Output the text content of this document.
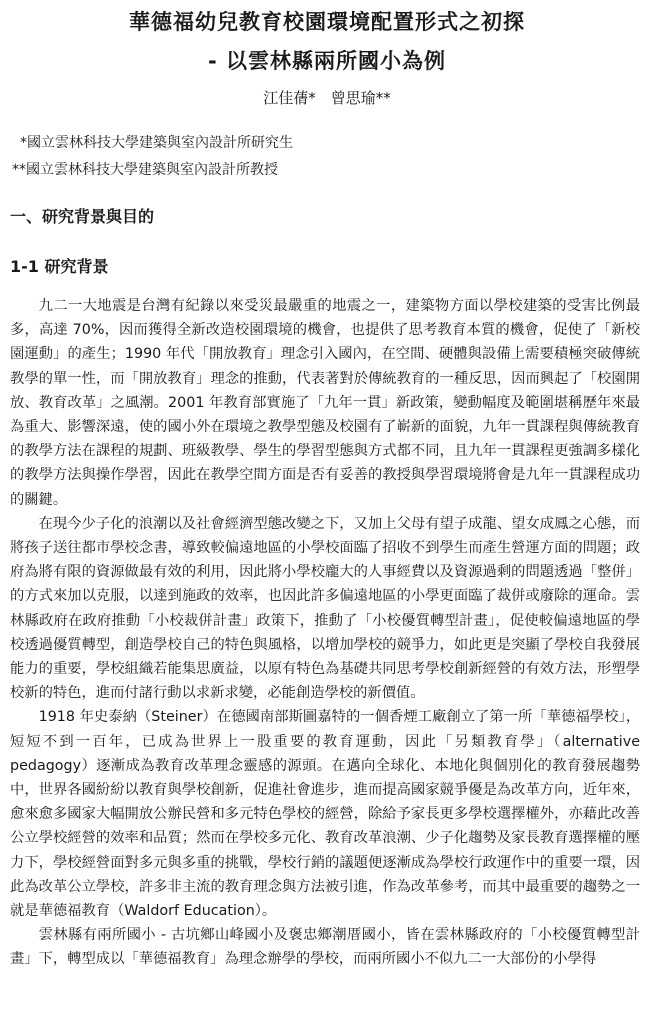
華德福幼兒教育校園環境配置形式之初探
- 以雲林縣兩所國小為例
江佳蒨*　曾思瑜**

*國立雲林科技大學建築與室內設計所研究生

**國立雲林科技大學建築與室內設計所教授

一、研究背景與目的
1-1 研究背景

九二一大地震是台灣有紀錄以來受災最嚴重的地震之一，建築物方面以學校建築的受害比例最多，高達 70%，因而獲得全新改造校園環境的機會，也提供了思考教育本質的機會，促使了「新校園運動」的產生；1990 年代「開放教育」理念引入國內，在空間、硬體與設備上需要積極突破傳統教學的單一性，而「開放教育」理念的推動，代表著對於傳統教育的一種反思，因而興起了「校園開放、教育改革」之風潮。2001 年教育部實施了「九年一貫」新政策，變動幅度及範圍堪稱歷年來最為重大、影響深遠，使的國小外在環境之教學型態及校園有了嶄新的面貌，九年一貫課程與傳統教育的教學方法在課程的規劃、班級教學、學生的學習型態與方式都不同，且九年一貫課程更強調多樣化的教學方法與操作學習，因此在教學空間方面是否有妥善的教授與學習環境將會是九年一貫課程成功的關鍵。

在現今少子化的浪潮以及社會經濟型態改變之下，又加上父母有望子成龍、望女成鳳之心態，而將孩子送往都市學校念書，導致較偏遠地區的小學校面臨了招收不到學生而產生營運方面的問題；政府為將有限的資源做最有效的利用，因此將小學校龐大的人事經費以及資源過剩的問題透過「整併」的方式來加以克服，以達到施政的效率，也因此許多偏遠地區的小學更面臨了裁併或廢除的運命。雲林縣政府在政府推動「小校裁併計畫」政策下，推動了「小校優質轉型計畫」，促使較偏遠地區的學校透過優質轉型，創造學校自己的特色與風格，以增加學校的競爭力，如此更是突顯了學校自我發展能力的重要，學校組織若能集思廣益，以原有特色為基礎共同思考學校創新經營的有效方法，形塑學校新的特色，進而付諸行動以求新求變，必能創造學校的新價值。

1918 年史泰納（Steiner）在德國南部斯圖嘉特的一個香煙工廠創立了第一所「華德福學校」，短短不到一百年，已成為世界上一股重要的教育運動，因此「另類教育學」（alternative pedagogy）逐漸成為教育改革理念靈感的源頭。在邁向全球化、本地化與個別化的教育發展趨勢中，世界各國紛紛以教育與學校創新，促進社會進步，進而提高國家競爭優是為改革方向，近年來，愈來愈多國家大幅開放公辦民營和多元特色學校的經營，除給予家長更多學校選擇權外，亦藉此改善公立學校經營的效率和品質；然而在學校多元化、教育改革浪潮、少子化趨勢及家長教育選擇權的壓力下，學校經營面對多元與多重的挑戰，學校行銷的議題便逐漸成為學校行政運作中的重要一環，因此為改革公立學校，許多非主流的教育理念與方法被引進，作為改革參考，而其中最重要的趨勢之一就是華德福教育（Waldorf Education）。

雲林縣有兩所國小 - 古坑鄉山峰國小及褒忠鄉潮厝國小，皆在雲林縣政府的「小校優質轉型計畫」下，轉型成以「華德福教育」為理念辦學的學校，而兩所國小不似九二一大部份的小學得
